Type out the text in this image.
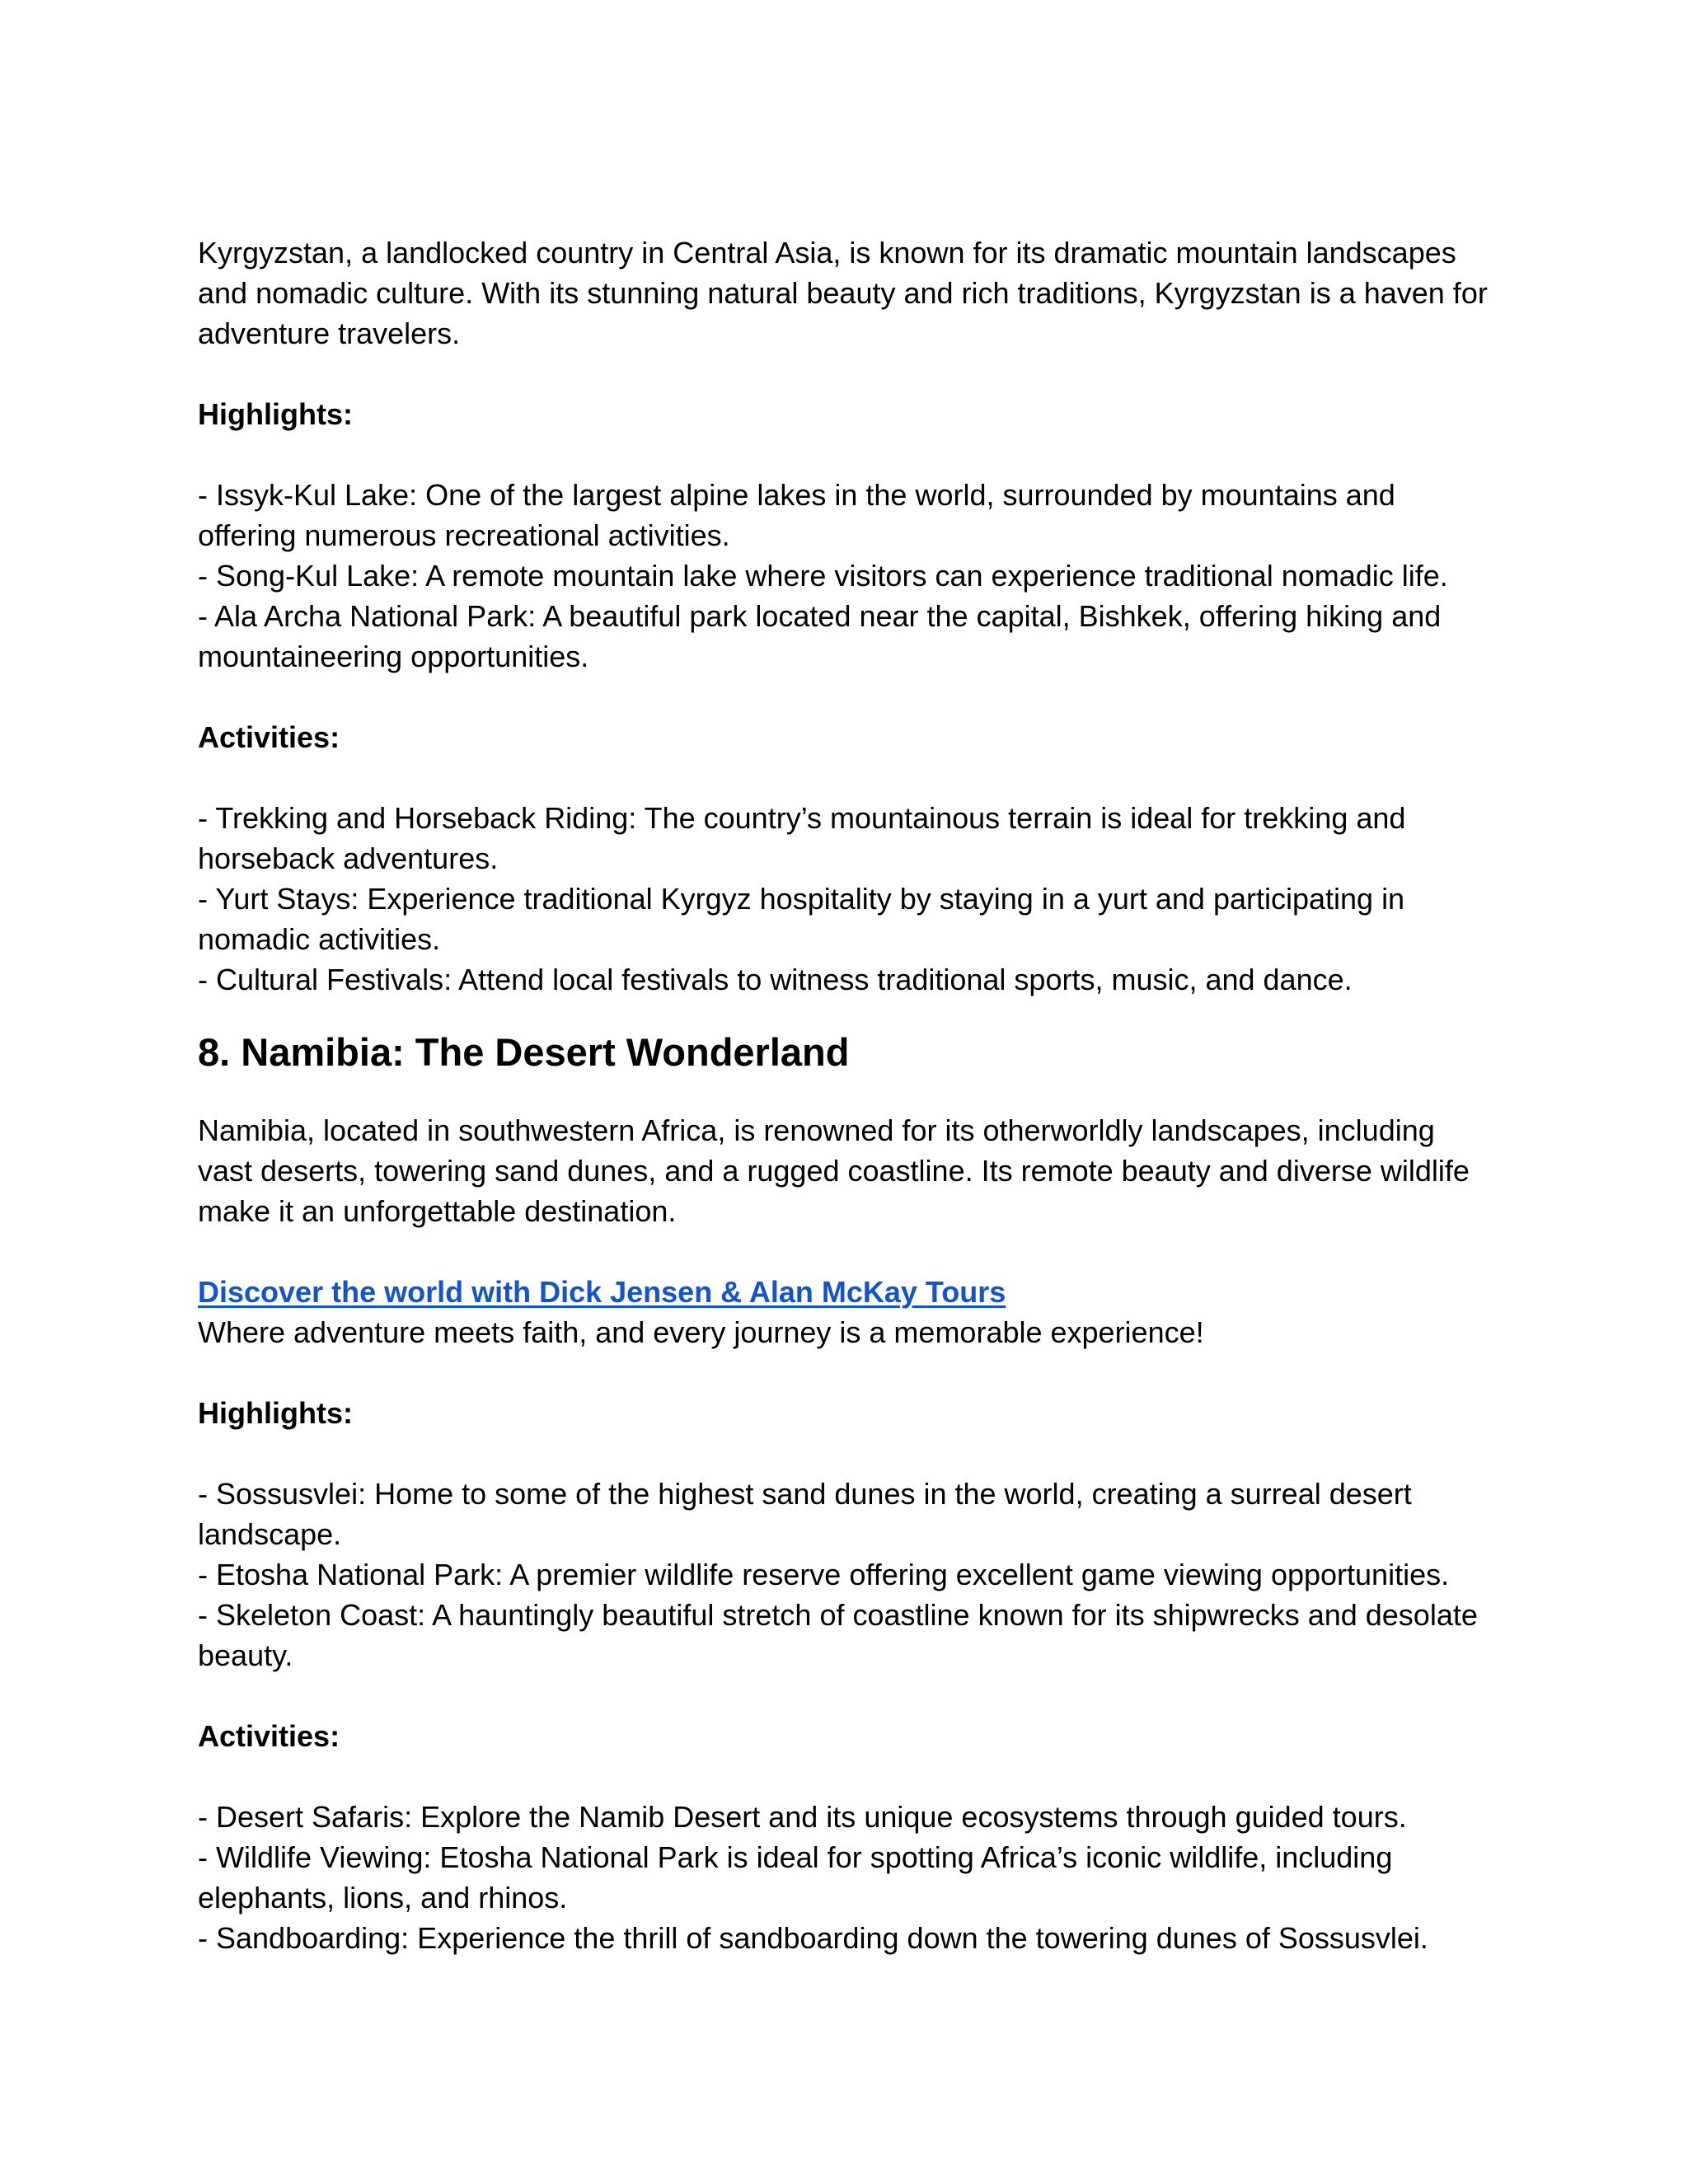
Kyrgyzstan, a landlocked country in Central Asia, is known for its dramatic mountain landscapes and nomadic culture. With its stunning natural beauty and rich traditions, Kyrgyzstan is a haven for adventure travelers.

Highlights:

- Issyk-Kul Lake: One of the largest alpine lakes in the world, surrounded by mountains and offering numerous recreational activities.

- Song-Kul Lake: A remote mountain lake where visitors can experience traditional nomadic life.

- Ala Archa National Park: A beautiful park located near the capital, Bishkek, offering hiking and mountaineering opportunities.

Activities:

- Trekking and Horseback Riding: The country’s mountainous terrain is ideal for trekking and horseback adventures.

- Yurt Stays: Experience traditional Kyrgyz hospitality by staying in a yurt and participating in nomadic activities.

- Cultural Festivals: Attend local festivals to witness traditional sports, music, and dance.

8. Namibia: The Desert Wonderland

Namibia, located in southwestern Africa, is renowned for its otherworldly landscapes, including vast deserts, towering sand dunes, and a rugged coastline. Its remote beauty and diverse wildlife make it an unforgettable destination.

Discover the world with Dick Jensen & Alan McKay Tours

Where adventure meets faith, and every journey is a memorable experience!

Highlights:

- Sossusvlei: Home to some of the highest sand dunes in the world, creating a surreal desert landscape.

- Etosha National Park: A premier wildlife reserve offering excellent game viewing opportunities.

- Skeleton Coast: A hauntingly beautiful stretch of coastline known for its shipwrecks and desolate beauty.

Activities:

- Desert Safaris: Explore the Namib Desert and its unique ecosystems through guided tours.

- Wildlife Viewing: Etosha National Park is ideal for spotting Africa’s iconic wildlife, including elephants, lions, and rhinos.

- Sandboarding: Experience the thrill of sandboarding down the towering dunes of Sossusvlei.
